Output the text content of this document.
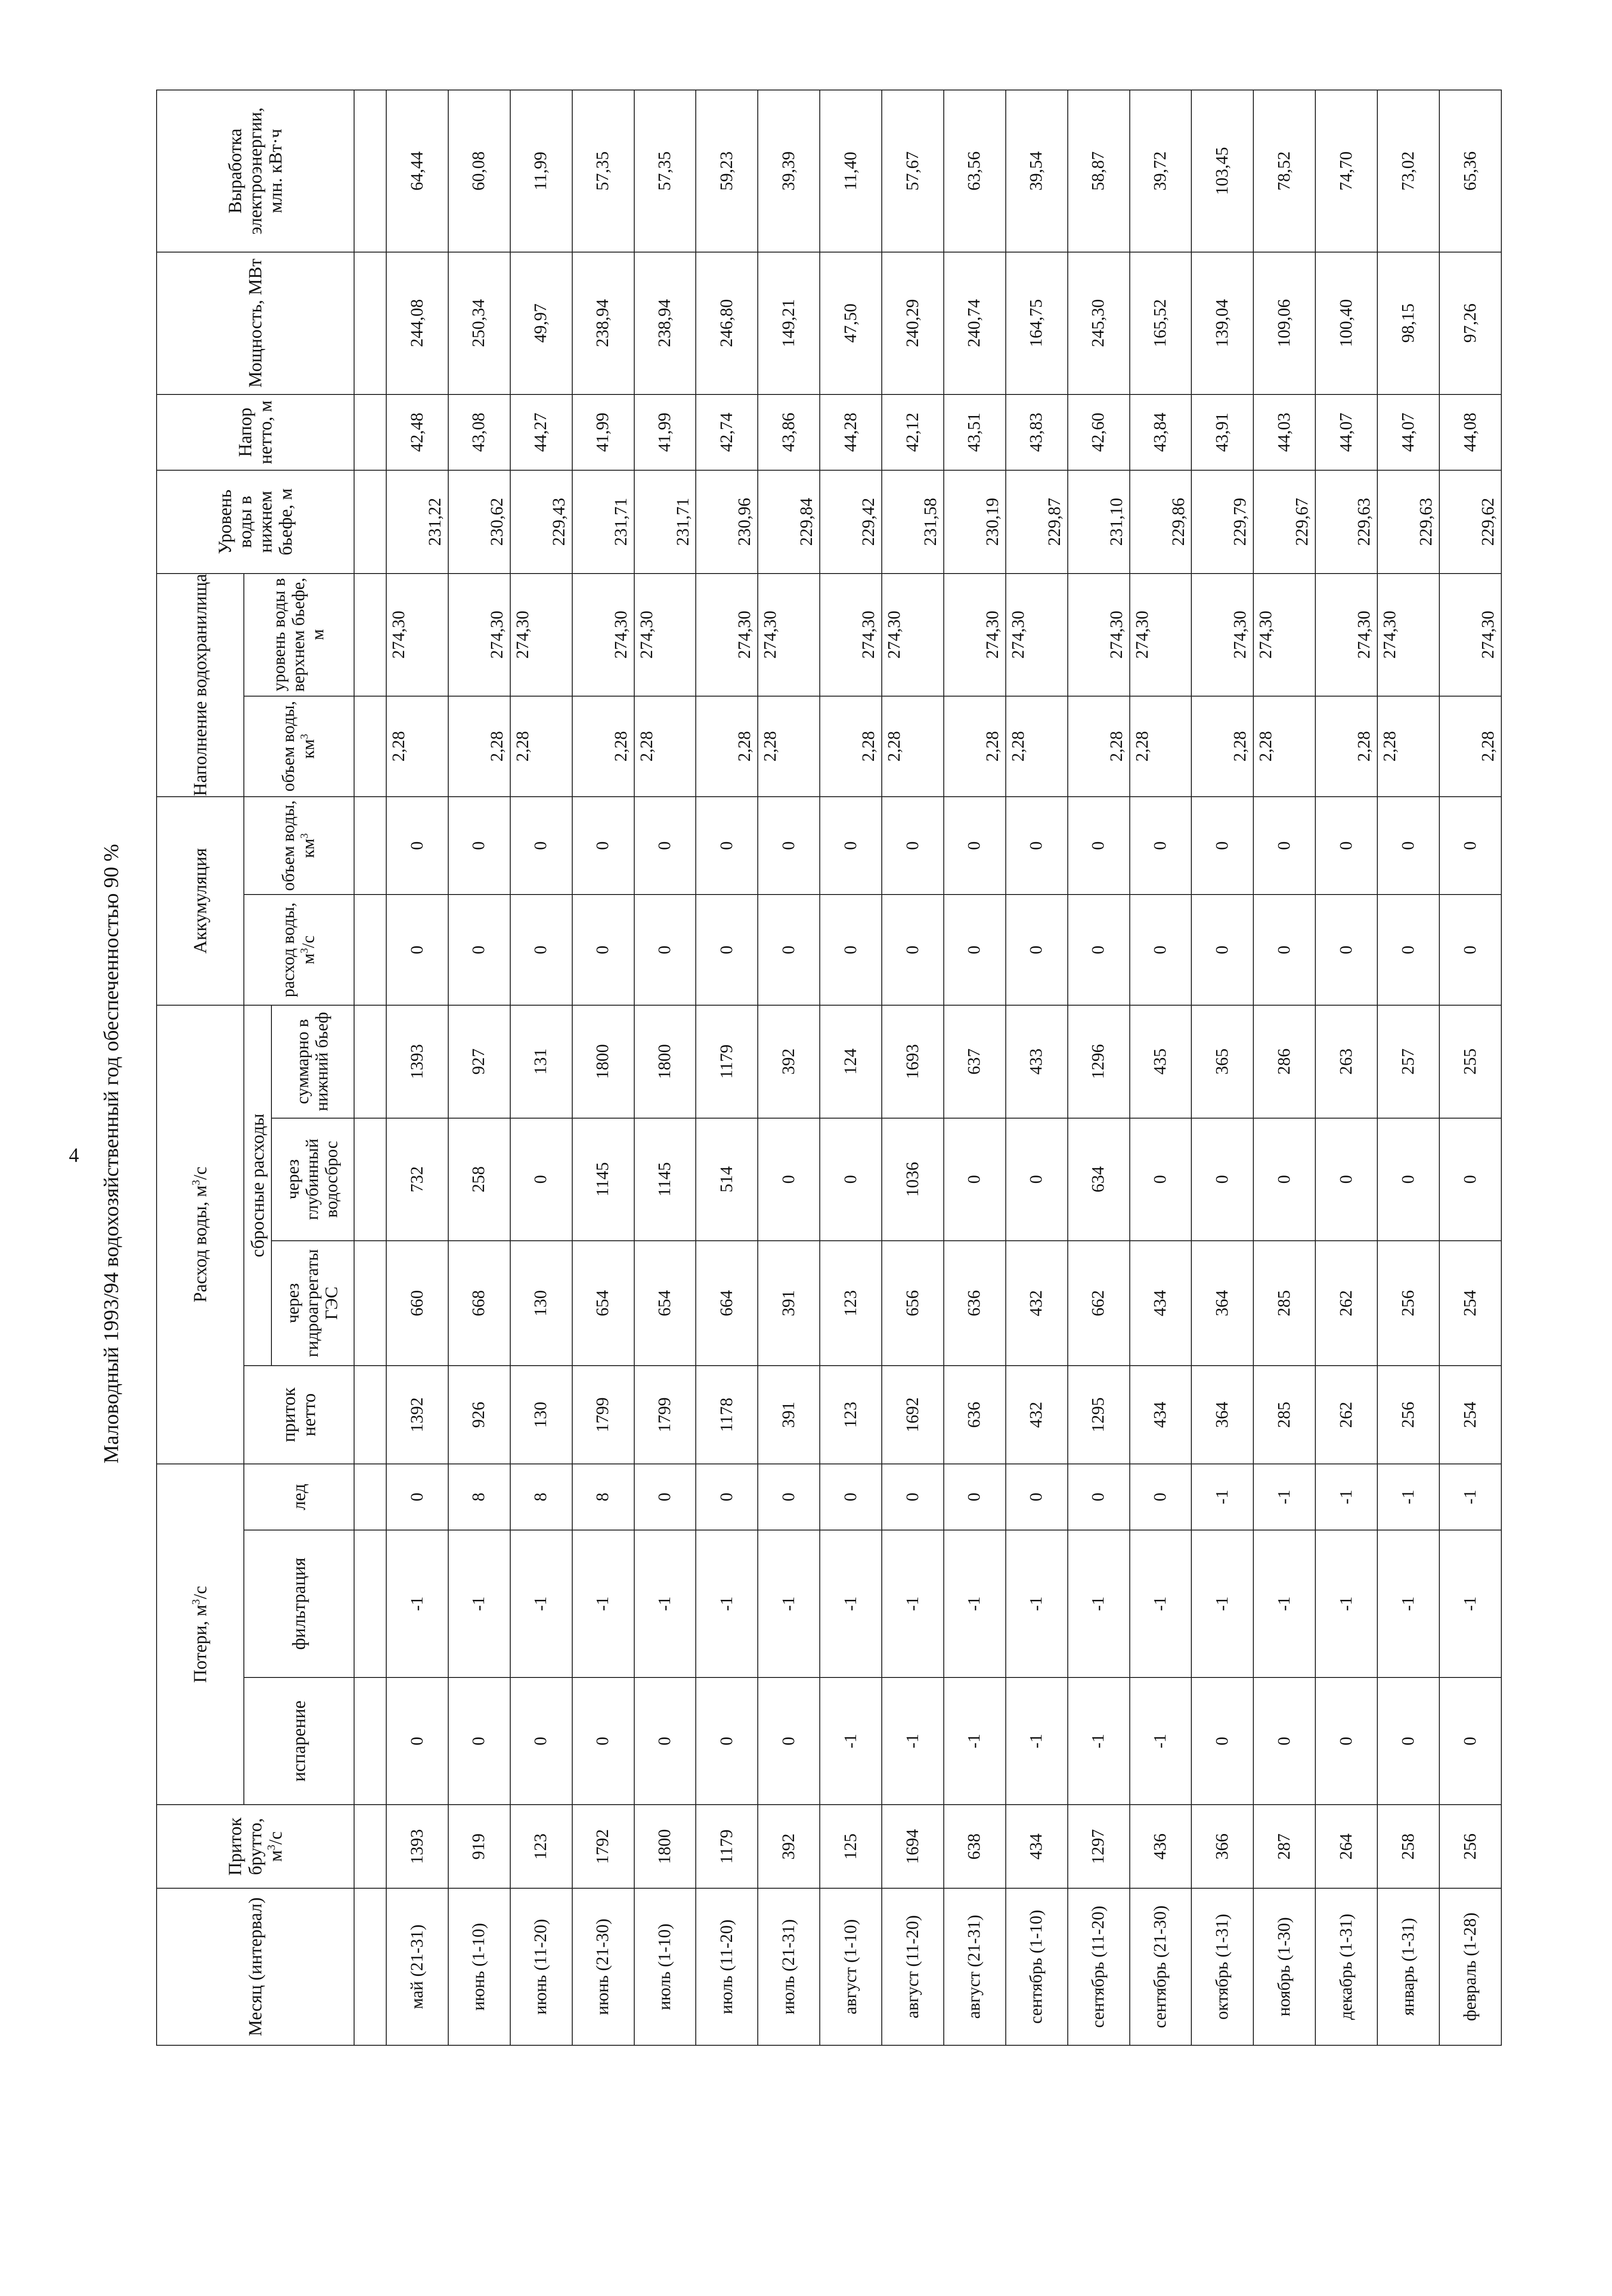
4 Маловодный 1993/94 водохозяйственный год обеспеченностью 90 %
Месяц (интервал)	Приток брутто, $м^3/с$	Потери, $м^3/с$			Расход воды, $м^3/с$				Аккумуляция		Наполнение водохранилища		Уровень воды в нижнем бьефе, м	Напор нетто, м	Мощность, МВт	Выработка электроэнергии, млн. кВт·ч
		испарение	фильтрация	лед	приток нетто	сбросные расходы			расход воды, $м^3/с$	объем воды, $км^3$	объем воды, $км^3$	уровень воды в верхнем бьефе, м				
						через гидроагрегаты ГЭС	через глубинный водосброс	суммарно в нижний бьеф								

май (21-31)	1393	0	-1	0	1392	660	732	1393	0	0	2,28	274,30	231,22	42,48	244,08	64,44
июнь (1-10)	919	0	-1	8	926	668	258	927	0	0	2,28	274,30	230,62	43,08	250,34	60,08
июнь (11-20)	123	0	-1	8	130	130	0	131	0	0	2,28	274,30	229,43	44,27	49,97	11,99
июнь (21-30)	1792	0	-1	8	1799	654	1145	1800	0	0	2,28	274,30	231,71	41,99	238,94	57,35
июль (1-10)	1800	0	-1	0	1799	654	1145	1800	0	0	2,28	274,30	231,71	41,99	238,94	57,35
июль (11-20)	1179	0	-1	0	1178	664	514	1179	0	0	2,28	274,30	230,96	42,74	246,80	59,23
июль (21-31)	392	0	-1	0	391	391	0	392	0	0	2,28	274,30	229,84	43,86	149,21	39,39
август (1-10)	125	-1	-1	0	123	123	0	124	0	0	2,28	274,30	229,42	44,28	47,50	11,40
август (11-20)	1694	-1	-1	0	1692	656	1036	1693	0	0	2,28	274,30	231,58	42,12	240,29	57,67
август (21-31)	638	-1	-1	0	636	636	0	637	0	0	2,28	274,30	230,19	43,51	240,74	63,56
сентябрь (1-10)	434	-1	-1	0	432	432	0	433	0	0	2,28	274,30	229,87	43,83	164,75	39,54
сентябрь (11-20)	1297	-1	-1	0	1295	662	634	1296	0	0	2,28	274,30	231,10	42,60	245,30	58,87
сентябрь (21-30)	436	-1	-1	0	434	434	0	435	0	0	2,28	274,30	229,86	43,84	165,52	39,72
октябрь (1-31)	366	0	-1	-1	364	364	0	365	0	0	2,28	274,30	229,79	43,91	139,04	103,45
ноябрь (1-30)	287	0	-1	-1	285	285	0	286	0	0	2,28	274,30	229,67	44,03	109,06	78,52
декабрь (1-31)	264	0	-1	-1	262	262	0	263	0	0	2,28	274,30	229,63	44,07	100,40	74,70
январь (1-31)	258	0	-1	-1	256	256	0	257	0	0	2,28	274,30	229,63	44,07	98,15	73,02
февраль (1-28)	256	0	-1	-1	254	254	0	255	0	0	2,28	274,30	229,62	44,08	97,26	65,36
